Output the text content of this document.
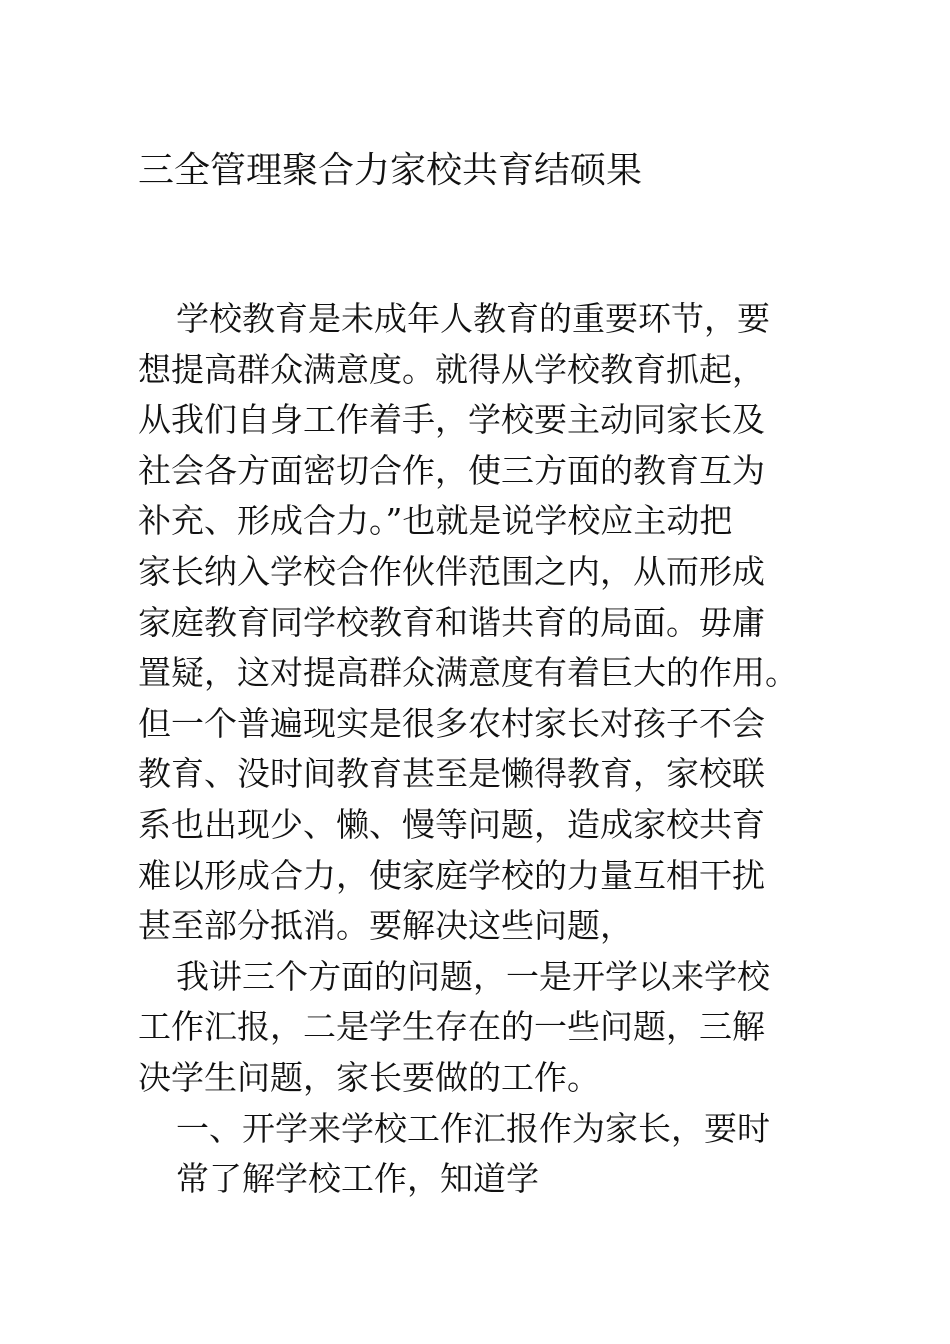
三全管理聚合力家校共育结硕果
学校教育是未成年人教育的重要环节，要
想提高群众满意度。就得从学校教育抓起，
从我们自身工作着手，学校要主动同家长及
社会各方面密切合作，使三方面的教育互为
补充、形成合力。”也就是说学校应主动把
家长纳入学校合作伙伴范围之内，从而形成
家庭教育同学校教育和谐共育的局面。毋庸
置疑，这对提高群众满意度有着巨大的作用。
但一个普遍现实是很多农村家长对孩子不会
教育、没时间教育甚至是懒得教育，家校联
系也出现少、懒、慢等问题，造成家校共育
难以形成合力，使家庭学校的力量互相干扰
甚至部分抵消。要解决这些问题，
我讲三个方面的问题，一是开学以来学校
工作汇报，二是学生存在的一些问题，三解
决学生问题，家长要做的工作。
一、开学来学校工作汇报作为家长，要时
常了解学校工作，知道学
